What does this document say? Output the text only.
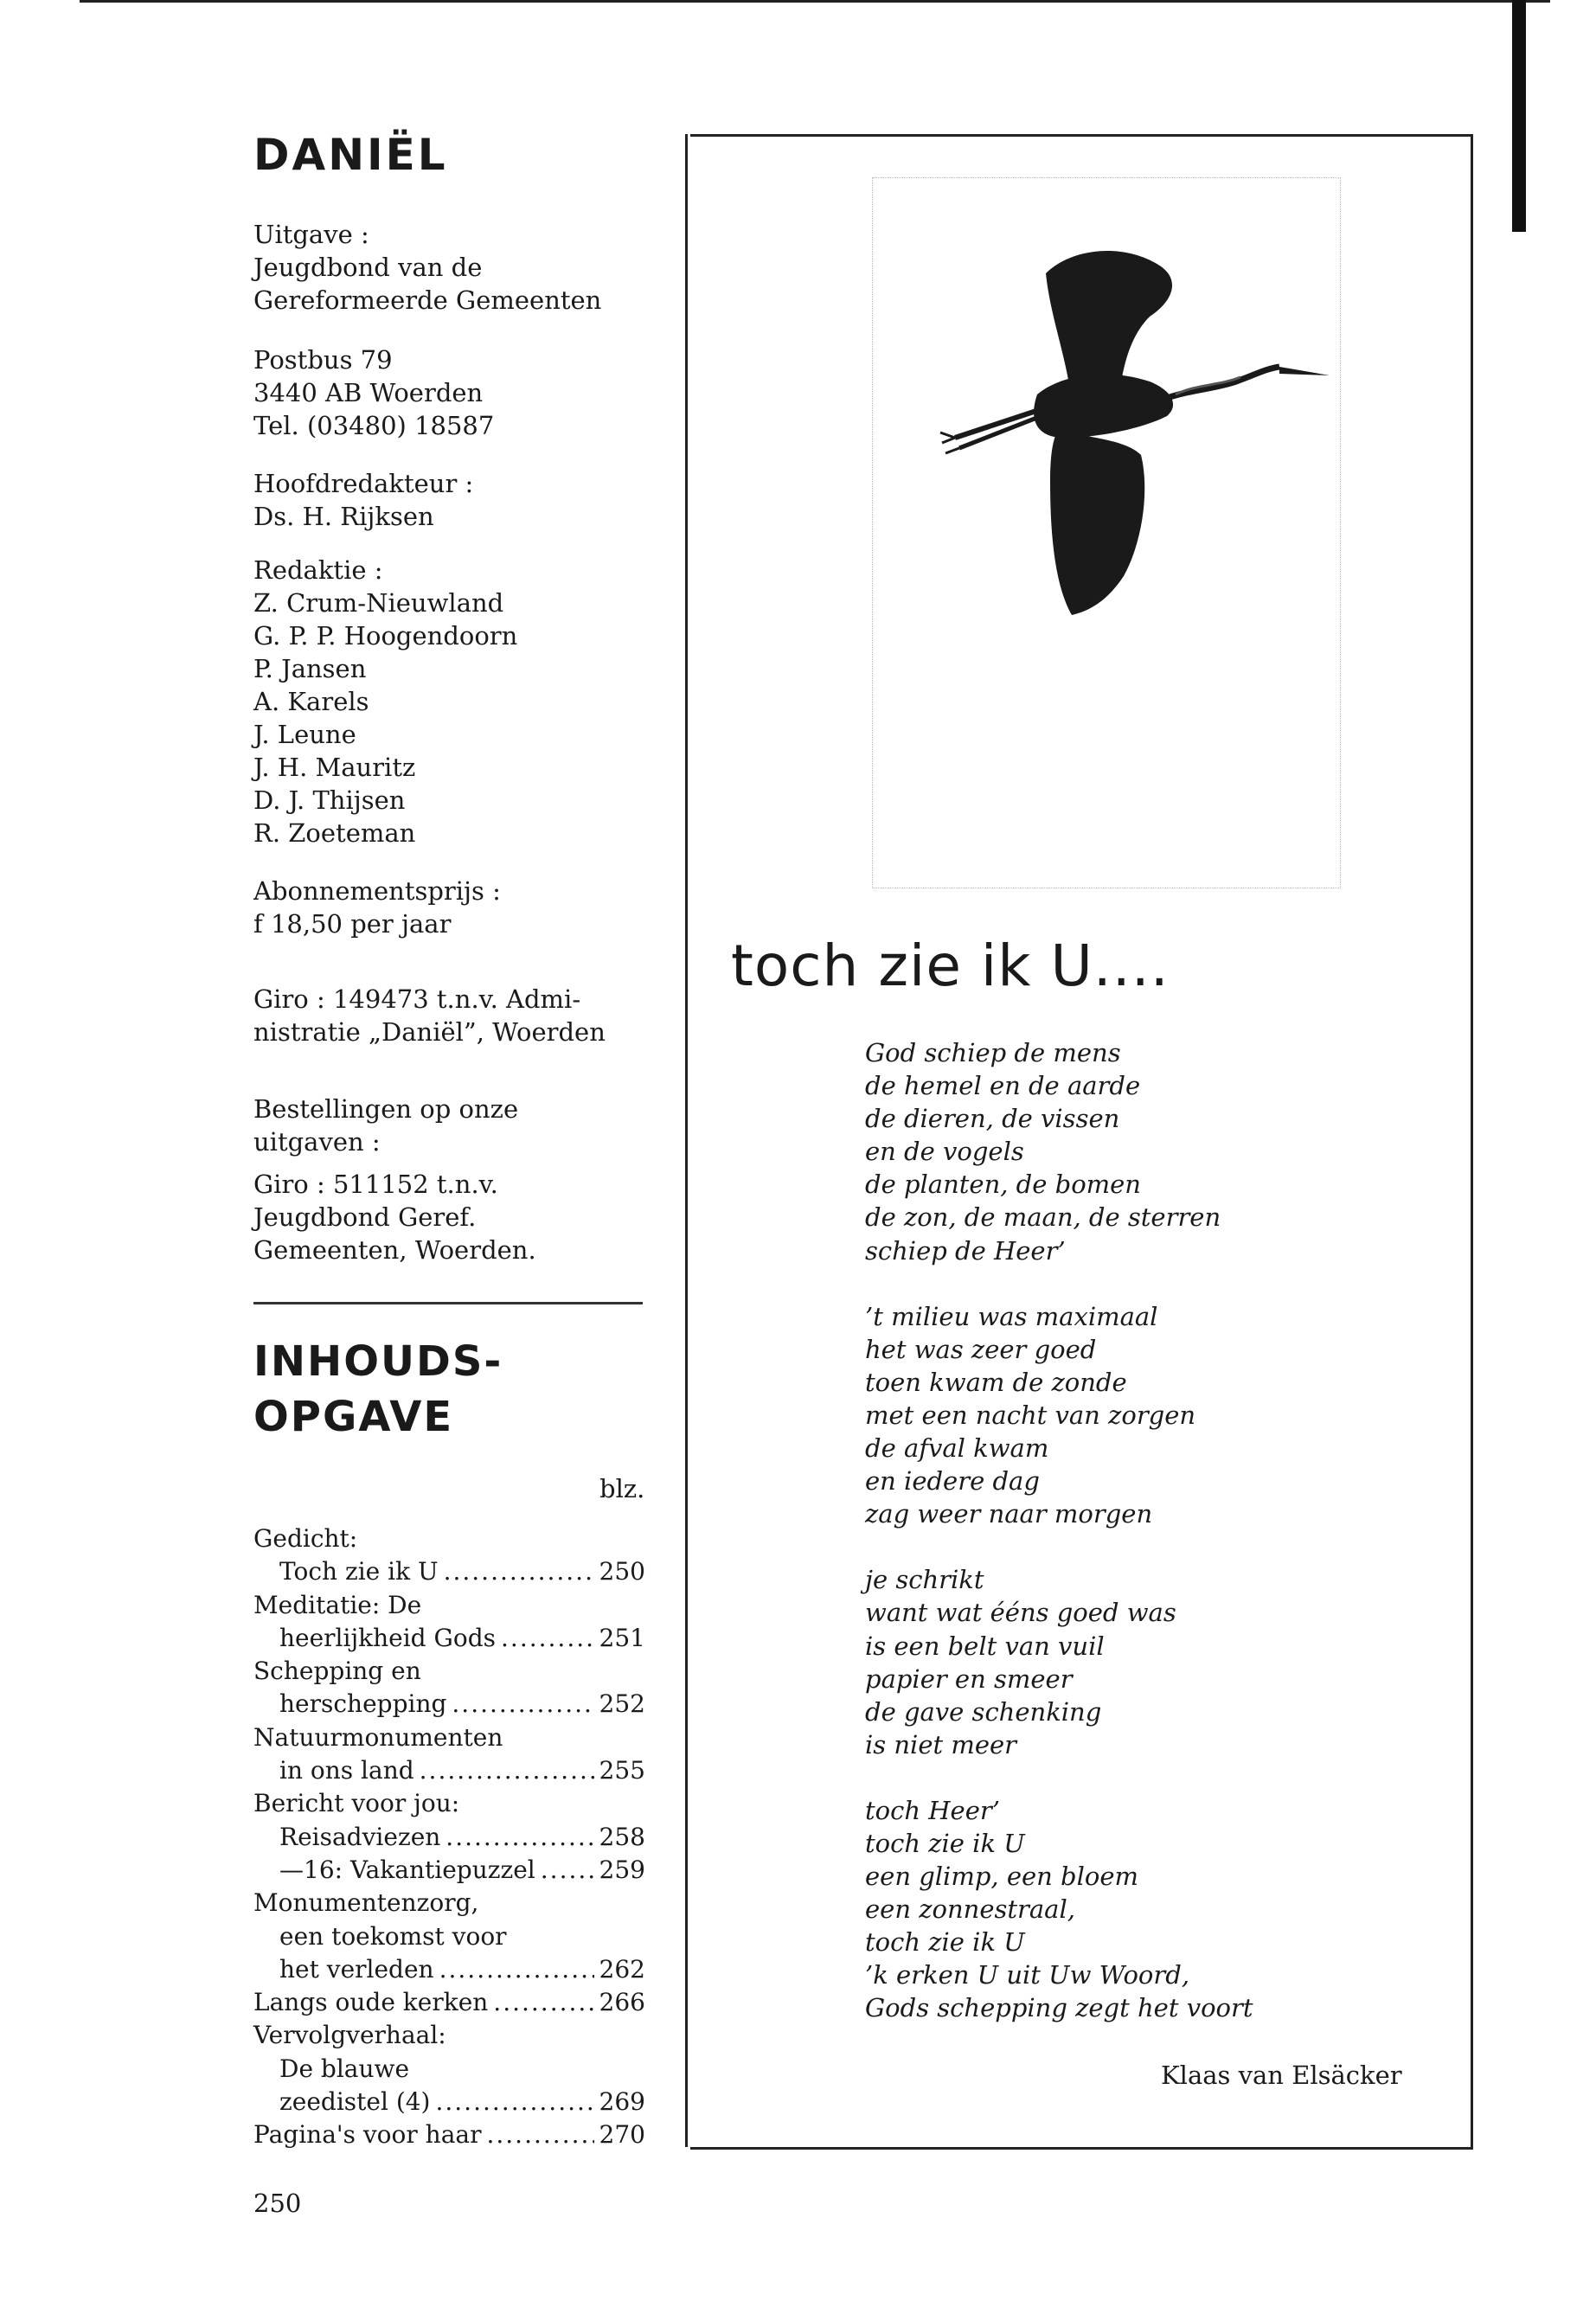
DANIËL
Uitgave :
Jeugdbond van de
Gereformeerde Gemeenten
Postbus 79
3440 AB Woerden
Tel. (03480) 18587
Hoofdredakteur :
Ds. H. Rijksen
Redaktie :
Z. Crum-Nieuwland
G. P. P. Hoogendoorn
P. Jansen
A. Karels
J. Leune
J. H. Mauritz
D. J. Thijsen
R. Zoeteman
Abonnementsprijs :
f 18,50 per jaar
Giro : 149473 t.n.v. Admi-
nistratie „Daniël”, Woerden
Bestellingen op onze
uitgaven :
Giro : 511152 t.n.v.
Jeugdbond Geref.
Gemeenten, Woerden.
INHOUDS-
OPGAVE
blz.
Gedicht:
Toch zie ik U .....	250
Meditatie: De
heerlijkheid Gods .....	251
Schepping en
herschepping .....	252
Natuurmonumenten
in ons land .....	255
Bericht voor jou:
Reisadviezen .....	258
—16: Vakantiepuzzel .....	259
Monumentenzorg,
een toekomst voor
het verleden .....	262
Langs oude kerken .....	266
Vervolgverhaal:
De blauwe
zeedistel (4) .....	269
Pagina's voor haar .....	270
250
toch zie ik U....
God schiep de mens
de hemel en de aarde
de dieren, de vissen
en de vogels
de planten, de bomen
de zon, de maan, de sterren
schiep de Heer’
’t milieu was maximaal
het was zeer goed
toen kwam de zonde
met een nacht van zorgen
de afval kwam
en iedere dag
zag weer naar morgen
je schrikt
want wat ééns goed was
is een belt van vuil
papier en smeer
de gave schenking
is niet meer
toch Heer’
toch zie ik U
een glimp, een bloem
een zonnestraal,
toch zie ik U
’k erken U uit Uw Woord,
Gods schepping zegt het voort
Klaas van Elsäcker
